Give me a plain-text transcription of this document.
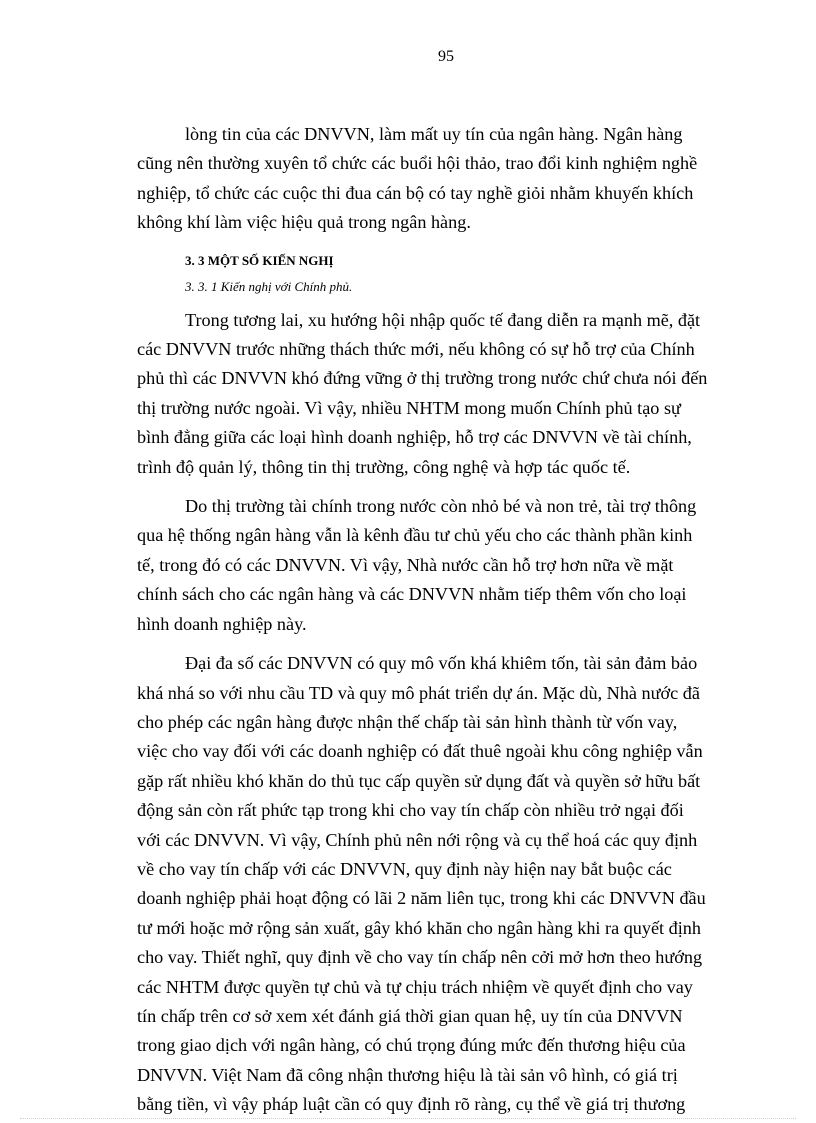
95

lòng tin của các DNVVN, làm mất uy tín của ngân hàng. Ngân hàng
cũng nên thường xuyên tổ chức các buổi hội thảo, trao đổi kinh nghiệm nghề
nghiệp, tổ chức các cuộc thi đua cán bộ có tay nghề giỏi nhằm khuyến khích
không khí làm việc hiệu quả trong ngân hàng.

3. 3 MỘT SỐ KIẾN NGHỊ
3. 3. 1 Kiến nghị với Chính phủ.

Trong tương lai, xu hướng hội nhập quốc tế đang diễn ra mạnh mẽ, đặt
các DNVVN trước những thách thức mới, nếu không có sự hỗ trợ của Chính
phủ thì các DNVVN khó đứng vững ở thị trường trong nước chứ chưa nói đến
thị trường nước ngoài. Vì vậy, nhiều NHTM mong muốn Chính phủ tạo sự
bình đẳng giữa các loại hình doanh nghiệp, hỗ trợ các DNVVN về tài chính,
trình độ quản lý, thông tin thị trường, công nghệ và hợp tác quốc tế.

Do thị trường tài chính trong nước còn nhỏ bé và non trẻ, tài trợ thông
qua hệ thống ngân hàng vẫn là kênh đầu tư chủ yếu cho các thành phần kinh
tế, trong đó có các DNVVN. Vì vậy, Nhà nước cần hỗ trợ hơn nữa về mặt
chính sách cho các ngân hàng và các DNVVN nhằm tiếp thêm vốn cho loại
hình doanh nghiệp này.

Đại đa số các DNVVN có quy mô vốn khá khiêm tốn, tài sản đảm bảo
khá nhá so với nhu cầu TD và quy mô phát triển dự án. Mặc dù, Nhà nước đã
cho phép các ngân hàng được nhận thế chấp tài sản hình thành từ vốn vay,
việc cho vay đối với các doanh nghiệp có đất thuê ngoài khu công nghiệp vẫn
gặp rất nhiều khó khăn do thủ tục cấp quyền sử dụng đất và quyền sở hữu bất
động sản còn rất phức tạp trong khi cho vay tín chấp còn nhiều trở ngại đối
với các DNVVN. Vì vậy, Chính phủ nên nới rộng và cụ thể hoá các quy định
về cho vay tín chấp với các DNVVN, quy định này hiện nay bắt buộc các
doanh nghiệp phải hoạt động có lãi 2 năm liên tục, trong khi các DNVVN đầu
tư mới hoặc mở rộng sản xuất, gây khó khăn cho ngân hàng khi ra quyết định
cho vay. Thiết nghĩ, quy định về cho vay tín chấp nên cởi mở hơn theo hướng
các NHTM được quyền tự chủ và tự chịu trách nhiệm về quyết định cho vay
tín chấp trên cơ sở xem xét đánh giá thời gian quan hệ, uy tín của DNVVN
trong giao dịch với ngân hàng, có chú trọng đúng mức đến thương hiệu của
DNVVN. Việt Nam đã công nhận thương hiệu là tài sản vô hình, có giá trị
bằng tiền, vì vậy pháp luật cần có quy định rõ ràng, cụ thể về giá trị thương
